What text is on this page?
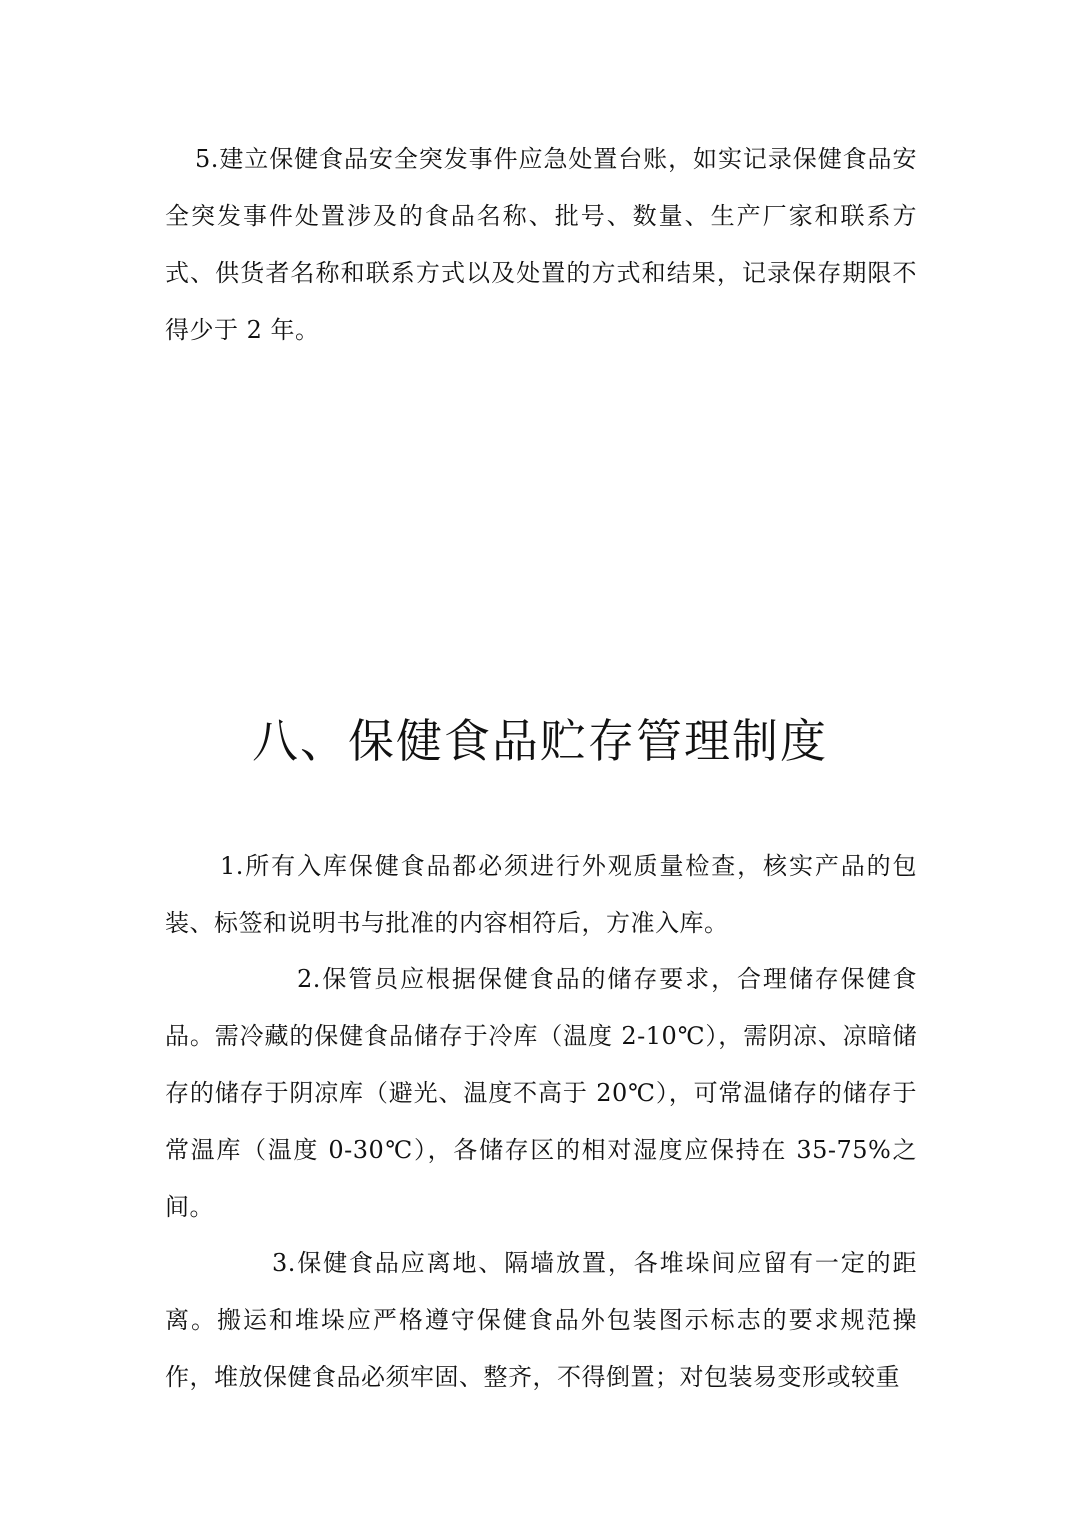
5.建立保健食品安全突发事件应急处置台账，如实记录保健食品安全突发事件处置涉及的食品名称、批号、数量、生产厂家和联系方式、供货者名称和联系方式以及处置的方式和结果，记录保存期限不得少于 2 年。

八、保健食品贮存管理制度

1.所有入库保健食品都必须进行外观质量检查，核实产品的包装、标签和说明书与批准的内容相符后，方准入库。

2.保管员应根据保健食品的储存要求，合理储存保健食品。需冷藏的保健食品储存于冷库（温度 2-10℃），需阴凉、凉暗储存的储存于阴凉库（避光、温度不高于 20℃），可常温储存的储存于常温库（温度 0-30℃），各储存区的相对湿度应保持在 35-75%之间。

3.保健食品应离地、隔墙放置，各堆垛间应留有一定的距离。搬运和堆垛应严格遵守保健食品外包装图示标志的要求规范操作，堆放保健食品必须牢固、整齐，不得倒置；对包装易变形或较重
